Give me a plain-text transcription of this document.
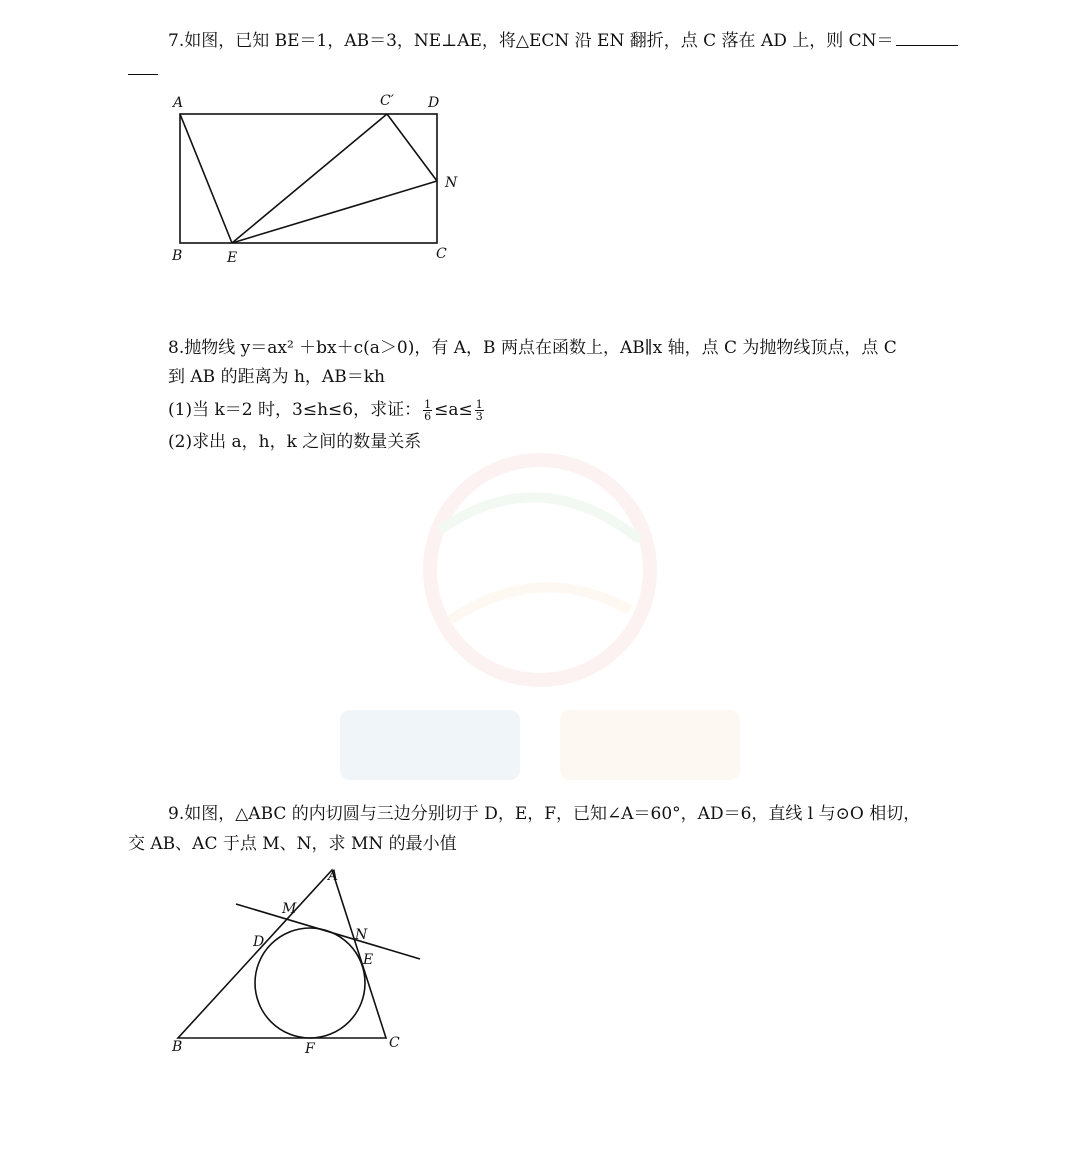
7.如图，已知 BE＝1，AB＝3，NE⊥AE，将△ECN 沿 EN 翻折，点 C 落在 AD 上，则 CN＝
A	C′ D
N
B	E	C
8.抛物线 y＝ax² ＋bx＋c(a＞0)，有 A，B 两点在函数上，AB∥x 轴，点 C 为抛物线顶点，点 C
到 AB 的距离为 h，AB＝kh
(1)当 k＝2 时，3≤h≤6，求证： $\frac{1}{6} \le a\le \frac{1}{3}$
(2)求出 a，h，k 之间的数量关系
9.如图，△ABC 的内切圆与三边分别切于 D，E，F，已知∠A＝60°，AD＝6，直线 l 与⊙O 相切，
交 AB、AC 于点 M、N，求 MN 的最小值
A
M
N
D
E
B	F	C
